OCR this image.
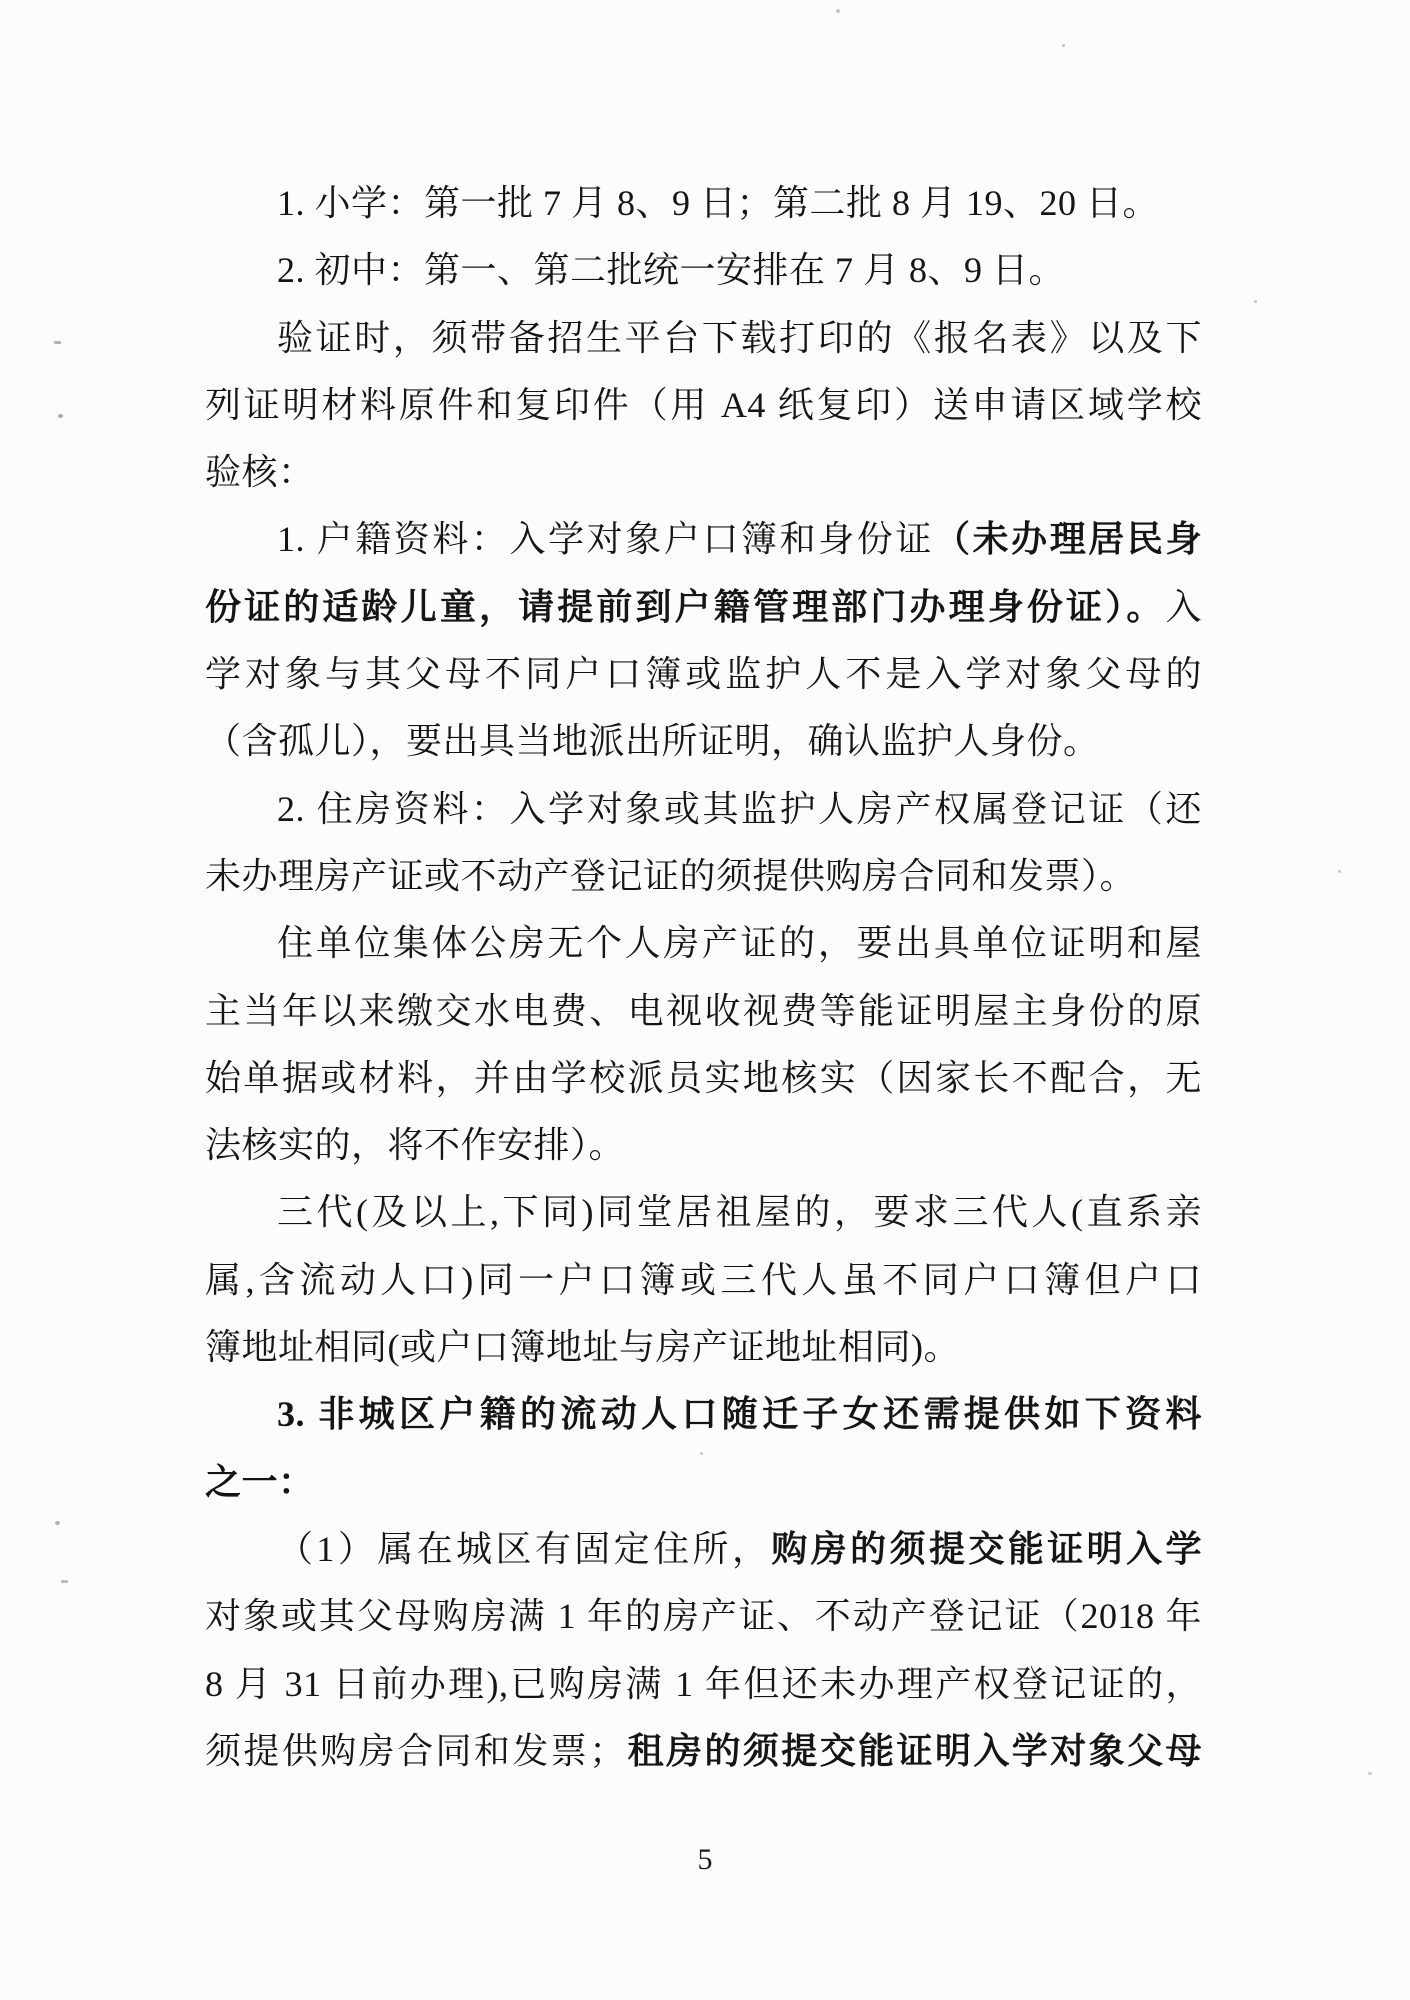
1. 小学：第一批 7 月 8、9 日；第二批 8 月 19、20 日。
2. 初中：第一、第二批统一安排在 7 月 8、9 日。
验证时，须带备招生平台下载打印的《报名表》以及下
列证明材料原件和复印件（用 A4 纸复印）送申请区域学校
验核：
1. 户籍资料：入学对象户口簿和身份证（未办理居民身
份证的适龄儿童，请提前到户籍管理部门办理身份证）。入
学对象与其父母不同户口簿或监护人不是入学对象父母的
（含孤儿），要出具当地派出所证明，确认监护人身份。
2. 住房资料：入学对象或其监护人房产权属登记证（还
未办理房产证或不动产登记证的须提供购房合同和发票）。
住单位集体公房无个人房产证的，要出具单位证明和屋
主当年以来缴交水电费、电视收视费等能证明屋主身份的原
始单据或材料，并由学校派员实地核实（因家长不配合，无
法核实的，将不作安排）。
三代(及以上,下同)同堂居祖屋的，要求三代人(直系亲
属,含流动人口)同一户口簿或三代人虽不同户口簿但户口
簿地址相同(或户口簿地址与房产证地址相同)。
3. 非城区户籍的流动人口随迁子女还需提供如下资料
之一：
（1）属在城区有固定住所，购房的须提交能证明入学
对象或其父母购房满 1 年的房产证、不动产登记证（2018 年
8 月 31 日前办理),已购房满 1 年但还未办理产权登记证的，
须提供购房合同和发票；租房的须提交能证明入学对象父母
5
